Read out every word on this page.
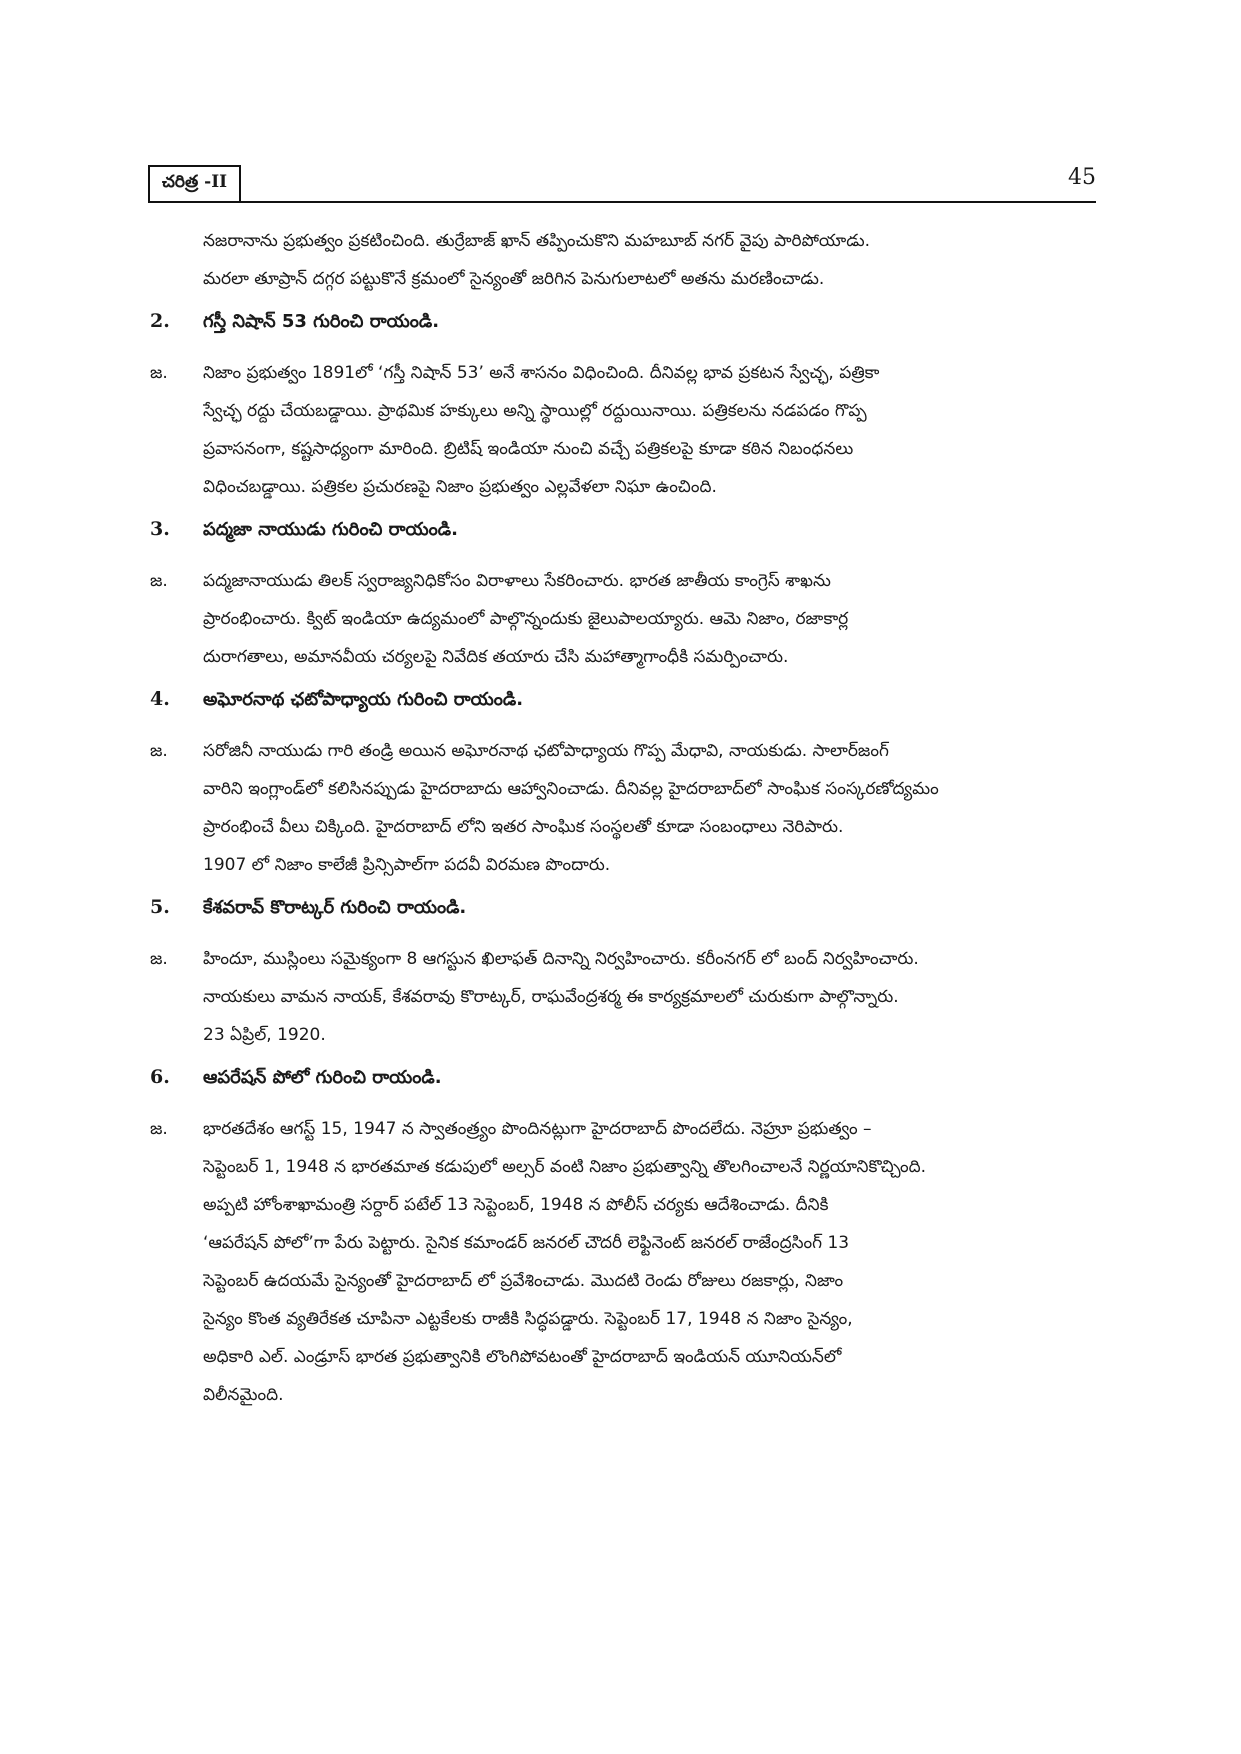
చరిత్ర -II	45
నజరానాను ప్రభుత్వం ప్రకటించింది. తుర్రేబాజ్ ఖాన్ తప్పించుకొని మహబూబ్ నగర్ వైపు పారిపోయాడు.
మరలా తూప్రాన్ దగ్గర పట్టుకొనే క్రమంలో సైన్యంతో జరిగిన పెనుగులాటలో అతను మరణించాడు.
2.	గస్తీ నిషాన్ 53 గురించి రాయండి.
జ.	నిజాం ప్రభుత్వం 1891లో ‘గస్తీ నిషాన్ 53’ అనే శాసనం విధించింది. దీనివల్ల భావ ప్రకటన స్వేచ్ఛ, పత్రికా
స్వేచ్ఛ రద్దు చేయబడ్డాయి. ప్రాథమిక హక్కులు అన్ని స్థాయిల్లో రద్దుయినాయి. పత్రికలను నడపడం గొప్ప
ప్రవాసనంగా, కష్టసాధ్యంగా మారింది. బ్రిటిష్ ఇండియా నుంచి వచ్చే పత్రికలపై కూడా కఠిన నిబంధనలు
విధించబడ్డాయి. పత్రికల ప్రచురణపై నిజాం ప్రభుత్వం ఎల్లవేళలా నిఘా ఉంచింది.
3.	పద్మజా నాయుడు గురించి రాయండి.
జ.	పద్మజానాయుడు తిలక్ స్వరాజ్యనిధికోసం విరాళాలు సేకరించారు. భారత జాతీయ కాంగ్రెస్ శాఖను
ప్రారంభించారు. క్విట్ ఇండియా ఉద్యమంలో పాల్గొన్నందుకు జైలుపాలయ్యారు. ఆమె నిజాం, రజాకార్ల
దురాగతాలు, అమానవీయ చర్యలపై నివేదిక తయారు చేసి మహాత్మాగాంధీకి సమర్పించారు.
4.	అఘోరనాథ ఛటోపాధ్యాయ గురించి రాయండి.
జ.	సరోజినీ నాయుడు గారి తండ్రి అయిన అఘోరనాథ ఛటోపాధ్యాయ గొప్ప మేధావి, నాయకుడు. సాలార్‌జంగ్
వారిని ఇంగ్లాండ్‌లో కలిసినప్పుడు హైదరాబాదు ఆహ్వానించాడు. దీనివల్ల హైదరాబాద్‌లో సాంఘిక సంస్కరణోద్యమం
ప్రారంభించే వీలు చిక్కింది. హైదరాబాద్ లోని ఇతర సాంఘిక సంస్థలతో కూడా సంబంధాలు నెరిపారు.
1907 లో నిజాం కాలేజీ ప్రిన్సిపాల్‌గా పదవీ విరమణ పొందారు.
5.	కేశవరావ్ కొరాట్కర్ గురించి రాయండి.
జ.	హిందూ, ముస్లింలు సమైక్యంగా 8 ఆగస్టున ఖిలాఫత్ దినాన్ని నిర్వహించారు. కరీంనగర్ లో బంద్ నిర్వహించారు.
నాయకులు వామన నాయక్, కేశవరావు కొరాట్కర్, రాఘవేంద్రశర్మ ఈ కార్యక్రమాలలో చురుకుగా పాల్గొన్నారు.
23 ఏప్రిల్, 1920.
6.	ఆపరేషన్ పోలో గురించి రాయండి.
జ.	భారతదేశం ఆగస్ట్ 15, 1947 న స్వాతంత్ర్యం పొందినట్లుగా హైదరాబాద్ పొందలేదు. నెహ్రూ ప్రభుత్వం –
సెప్టెంబర్ 1, 1948 న భారతమాత కడుపులో అల్సర్ వంటి నిజాం ప్రభుత్వాన్ని తొలగించాలనే నిర్ణయానికొచ్చింది.
అప్పటి హోంశాఖామంత్రి సర్దార్ పటేల్ 13 సెప్టెంబర్, 1948 న పోలీస్ చర్యకు ఆదేశించాడు. దీనికి
‘ఆపరేషన్ పోలో’గా పేరు పెట్టారు. సైనిక కమాండర్ జనరల్ చౌదరీ లెఫ్టినెంట్ జనరల్ రాజేంద్రసింగ్ 13
సెప్టెంబర్ ఉదయమే సైన్యంతో హైదరాబాద్ లో ప్రవేశించాడు. మొదటి రెండు రోజులు రజకార్లు, నిజాం
సైన్యం కొంత వ్యతిరేకత చూపినా ఎట్టకేలకు రాజీకి సిద్ధపడ్డారు. సెప్టెంబర్ 17, 1948 న నిజాం సైన్యం,
అధికారి ఎల్. ఎండ్రూస్ భారత ప్రభుత్వానికి లొంగిపోవటంతో హైదరాబాద్ ఇండియన్ యూనియన్‌లో
విలీనమైంది.
